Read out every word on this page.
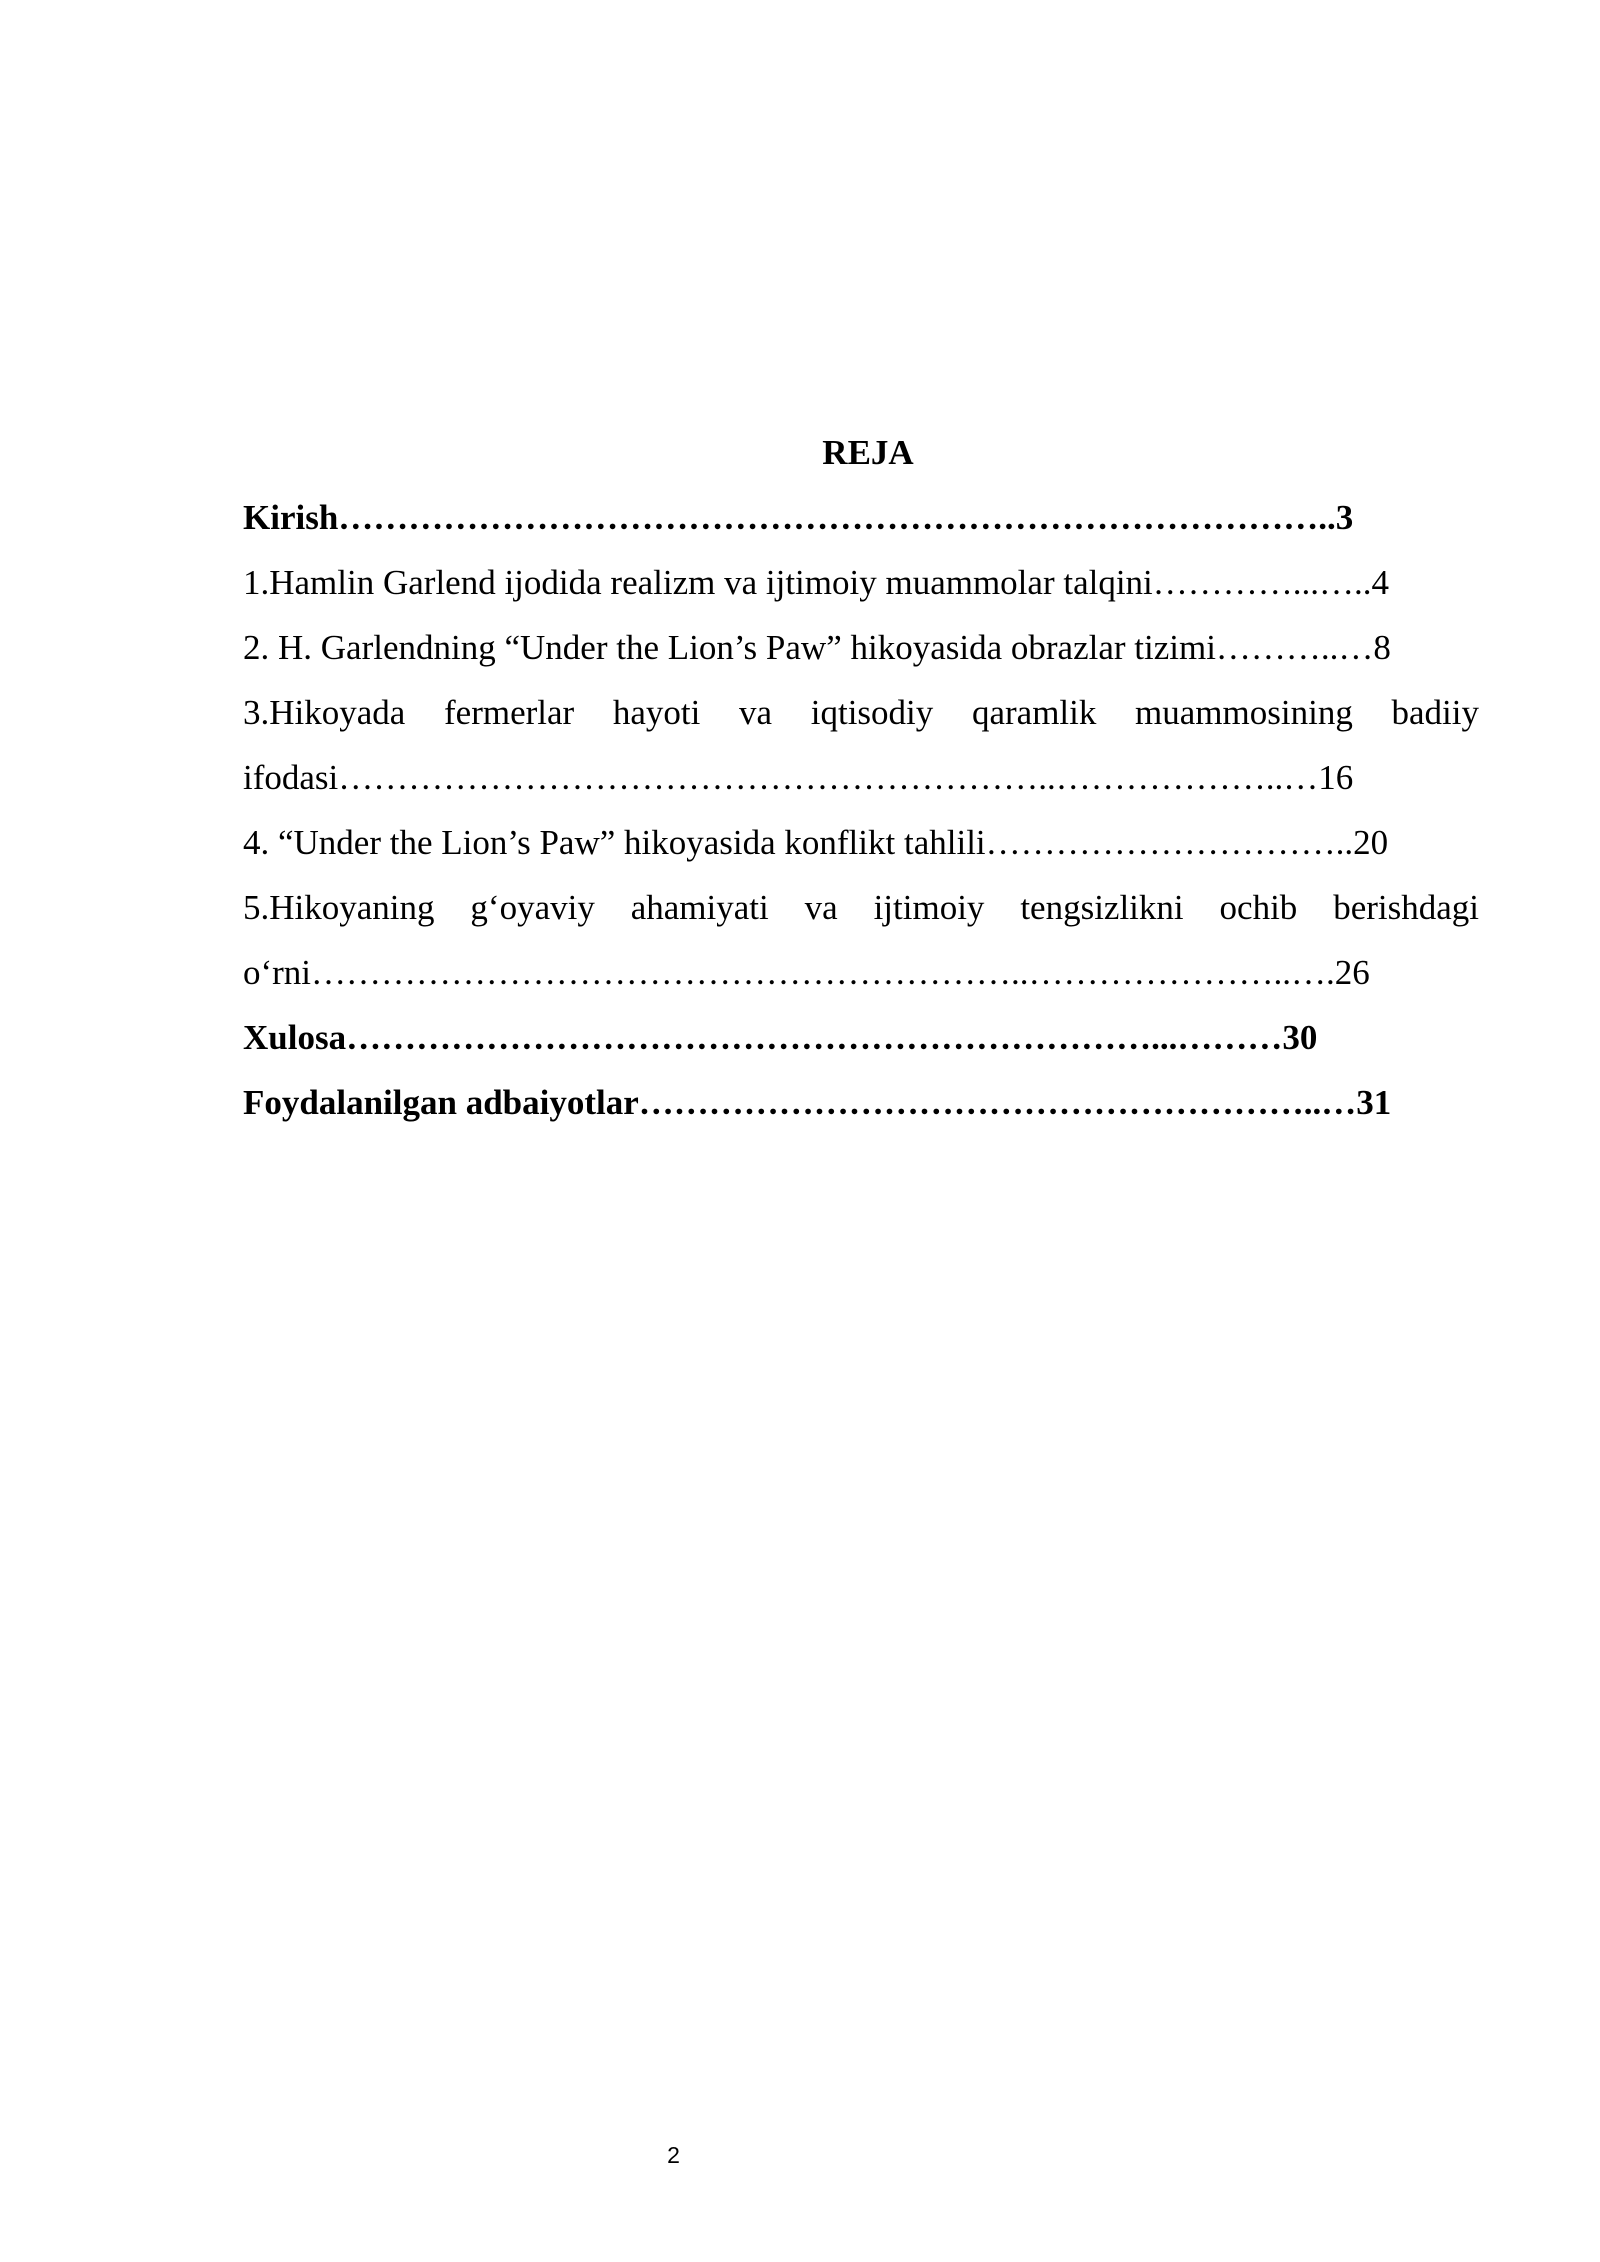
REJA
Kirish…………………………………………………………………………..3
1.Hamlin Garlend ijodida realizm va ijtimoiy muammolar talqini…………...…..4
2. H. Garlendning “Under the Lion’s Paw” hikoyasida obrazlar tizimi………..…8
3.Hikoyada fermerlar hayoti va iqtisodiy qaramlik muammosining badiiy
ifodasi……………………………………………………..………………..…16
4. “Under the Lion’s Paw” hikoyasida konflikt tahlili…………………………..20
5.Hikoyaning g‘oyaviy ahamiyati va ijtimoiy tengsizlikni ochib berishdagi
o‘rni……………………………………………………..…………………..….26
Xulosa……………………………………………………………...………30
Foydalanilgan adbaiyotlar…………………………………………………..…31
2
